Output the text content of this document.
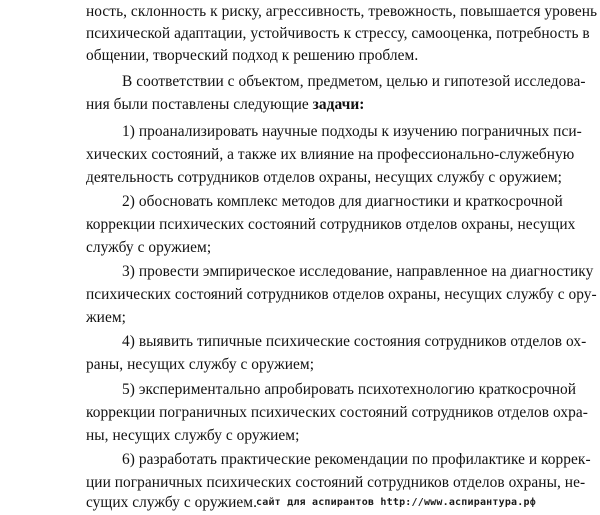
ность, склонность к риску, агрессивность, тревожность, повышается уровень
психической адаптации, устойчивость к стрессу, самооценка, потребность в
общении, творческий подход к решению проблем.
В соответствии с объектом, предметом, целью и гипотезой исследова-
ния были поставлены следующие задачи:
1) проанализировать научные подходы к изучению пограничных пси-
хических состояний, а также их влияние на профессионально-служебную
деятельность сотрудников отделов охраны, несущих службу с оружием;
2) обосновать комплекс методов для диагностики и краткосрочной
коррекции психических состояний сотрудников отделов охраны, несущих
службу с оружием;
3) провести эмпирическое исследование, направленное на диагностику
психических состояний сотрудников отделов охраны, несущих службу с ору-
жием;
4) выявить типичные психические состояния сотрудников отделов ох-
раны, несущих службу с оружием;
5) экспериментально апробировать психотехнологию краткосрочной
коррекции пограничных психических состояний сотрудников отделов охра-
ны, несущих службу с оружием;
6) разработать практические рекомендации по профилактике и коррек-
ции пограничных психических состояний сотрудников отделов охраны, не-
сущих службу с оружием. сайт для аспирантов http://www.аспирантура.рф
